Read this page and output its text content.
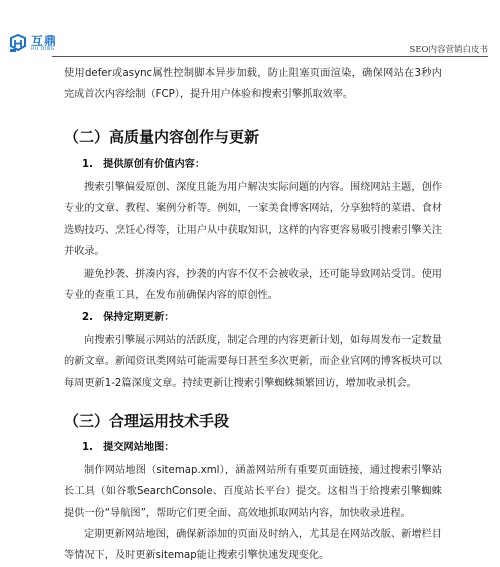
互鼎
HU DING	SEO内容营销白皮书

使用defer或async属性控制脚本异步加载，防止阻塞页面渲染，确保网站在3秒内完成首次内容绘制（FCP），提升用户体验和搜索引擎抓取效率。

（二）高质量内容创作与更新
1.　提供原创有价值内容：

搜索引擎偏爱原创、深度且能为用户解决实际问题的内容。围绕网站主题，创作专业的文章、教程、案例分析等。例如，一家美食博客网站，分享独特的菜谱、食材选购技巧、烹饪心得等，让用户从中获取知识，这样的内容更容易吸引搜索引擎关注并收录。

避免抄袭、拼凑内容，抄袭的内容不仅不会被收录，还可能导致网站受罚。使用专业的查重工具，在发布前确保内容的原创性。

2.　保持定期更新：

向搜索引擎展示网站的活跃度，制定合理的内容更新计划，如每周发布一定数量的新文章。新闻资讯类网站可能需要每日甚至多次更新，而企业官网的博客板块可以每周更新1-2篇深度文章。持续更新让搜索引擎蜘蛛频繁回访，增加收录机会。

（三）合理运用技术手段
1.　提交网站地图：

制作网站地图（sitemap.xml），涵盖网站所有重要页面链接，通过搜索引擎站长工具（如谷歌SearchConsole、百度站长平台）提交。这相当于给搜索引擎蜘蛛提供一份“导航图”，帮助它们更全面、高效地抓取网站内容，加快收录进程。

定期更新网站地图，确保新添加的页面及时纳入，尤其是在网站改版、新增栏目等情况下，及时更新sitemap能让搜索引擎快速发现变化。
